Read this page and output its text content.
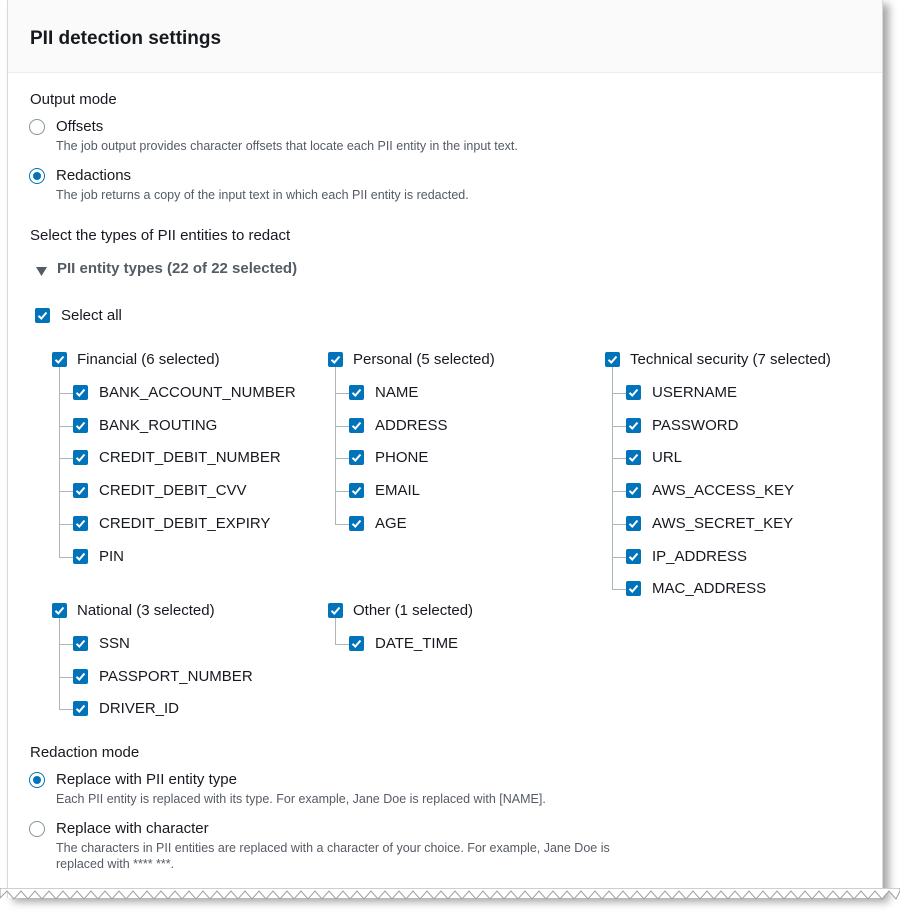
PII detection settings
Output mode
Offsets
The job output provides character offsets that locate each PII entity in the input text.
Redactions
The job returns a copy of the input text in which each PII entity is redacted.
Select the types of PII entities to redact
PII entity types (22 of 22 selected)
Select all
Financial (6 selected)
BANK_ACCOUNT_NUMBER
BANK_ROUTING
CREDIT_DEBIT_NUMBER
CREDIT_DEBIT_CVV
CREDIT_DEBIT_EXPIRY
PIN
Personal (5 selected)
NAME
ADDRESS
PHONE
EMAIL
AGE
Technical security (7 selected)
USERNAME
PASSWORD
URL
AWS_ACCESS_KEY
AWS_SECRET_KEY
IP_ADDRESS
MAC_ADDRESS
National (3 selected)
SSN
PASSPORT_NUMBER
DRIVER_ID
Other (1 selected)
DATE_TIME
Redaction mode
Replace with PII entity type
Each PII entity is replaced with its type. For example, Jane Doe is replaced with [NAME].
Replace with character
The characters in PII entities are replaced with a character of your choice. For example, Jane Doe is
replaced with **** ***.
